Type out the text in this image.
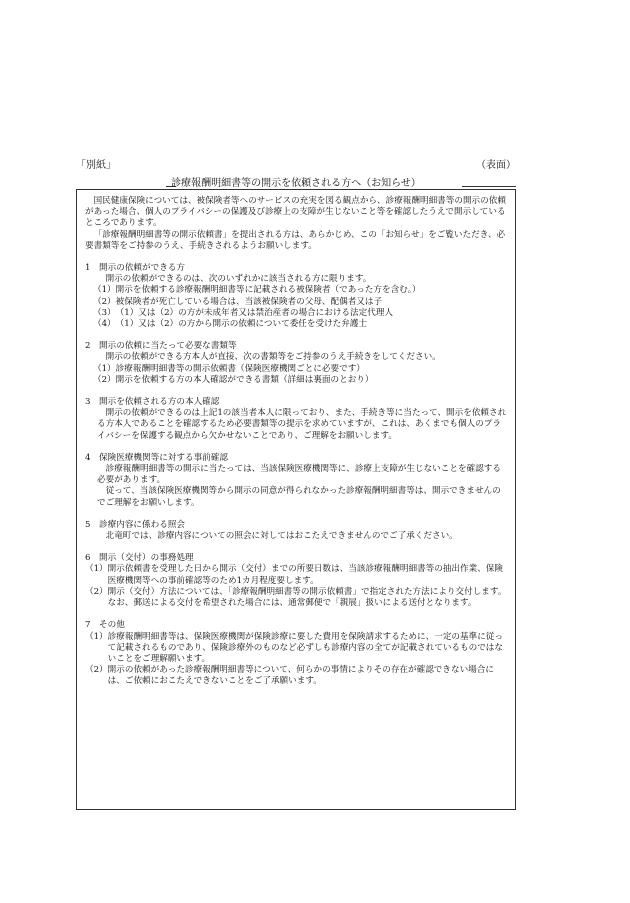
「別紙」	（表面）
診療報酬明細書等の開示を依頼される方へ（お知らせ）

国民健康保険については、被保険者等へのサービスの充実を図る観点から、診療報酬明細書等の開示の依頼があった場合、個人のプライバシーの保護及び診療上の支障が生じないこと等を確認したうえで開示しているところであります。

「診療報酬明細書等の開示依頼書」を提出される方は、あらかじめ、この「お知らせ」をご覧いただき、必要書類等をご持参のうえ、手続きされるようお願いします。

1　開示の依頼ができる方

開示の依頼ができるのは、次のいずれかに該当される方に限ります。

（1） 開示を依頼する診療報酬明細書等に記載される被保険者（であった方を含む。）
（2） 被保険者が死亡している場合は、当該被保険者の父母、配偶者又は子
（3） （1）又は（2）の方が未成年者又は禁治産者の場合における法定代理人
（4） （1）又は（2）の方から開示の依頼について委任を受けた弁護士

2　開示の依頼に当たって必要な書類等

開示の依頼ができる方本人が直接、次の書類等をご持参のうえ手続きをしてください。

（1） 診療報酬明細書等の開示依頼書（保険医療機関ごとに必要です）
（2） 開示を依頼する方の本人確認ができる書類（詳細は裏面のとおり）

3　開示を依頼される方の本人確認

開示の依頼ができるのは上記1の該当者本人に限っており、また、手続き等に当たって、開示を依頼される方本人であることを確認するため必要書類等の提示を求めていますが、これは、あくまでも個人のプライバシーを保護する観点から欠かせないことであり、ご理解をお願いします。

4　保険医療機関等に対する事前確認

診療報酬明細書等の開示に当たっては、当該保険医療機関等に、診療上支障が生じないことを確認する必要があります。

従って、当該保険医療機関等から開示の同意が得られなかった診療報酬明細書等は、開示できませんのでご理解をお願いします。

5　診療内容に係わる照会

北竜町では、診療内容についての照会に対してはおこたえできませんのでご了承ください。

6　開示（交付）の事務処理

（1） 開示依頼書を受理した日から開示（交付）までの所要日数は、当該診療報酬明細書等の抽出作業、保険医療機関等への事前確認等のため1カ月程度要します。
（2） 開示（交付）方法については、「診療報酬明細書等の開示依頼書」で指定された方法により交付します。なお、郵送による交付を希望された場合には、通常郵便で「親展」扱いによる送付となります。

7　その他

（1） 診療報酬明細書等は、保険医療機関が保険診療に要した費用を保険請求するために、一定の基準に従って記載されるものであり、保険診療外のものなど必ずしも診療内容の全てが記載されているものではないことをご理解願います。
（2） 開示の依頼があった診療報酬明細書等について、何らかの事情によりその存在が確認できない場合には、ご依頼におこたえできないことをご了承願います。
